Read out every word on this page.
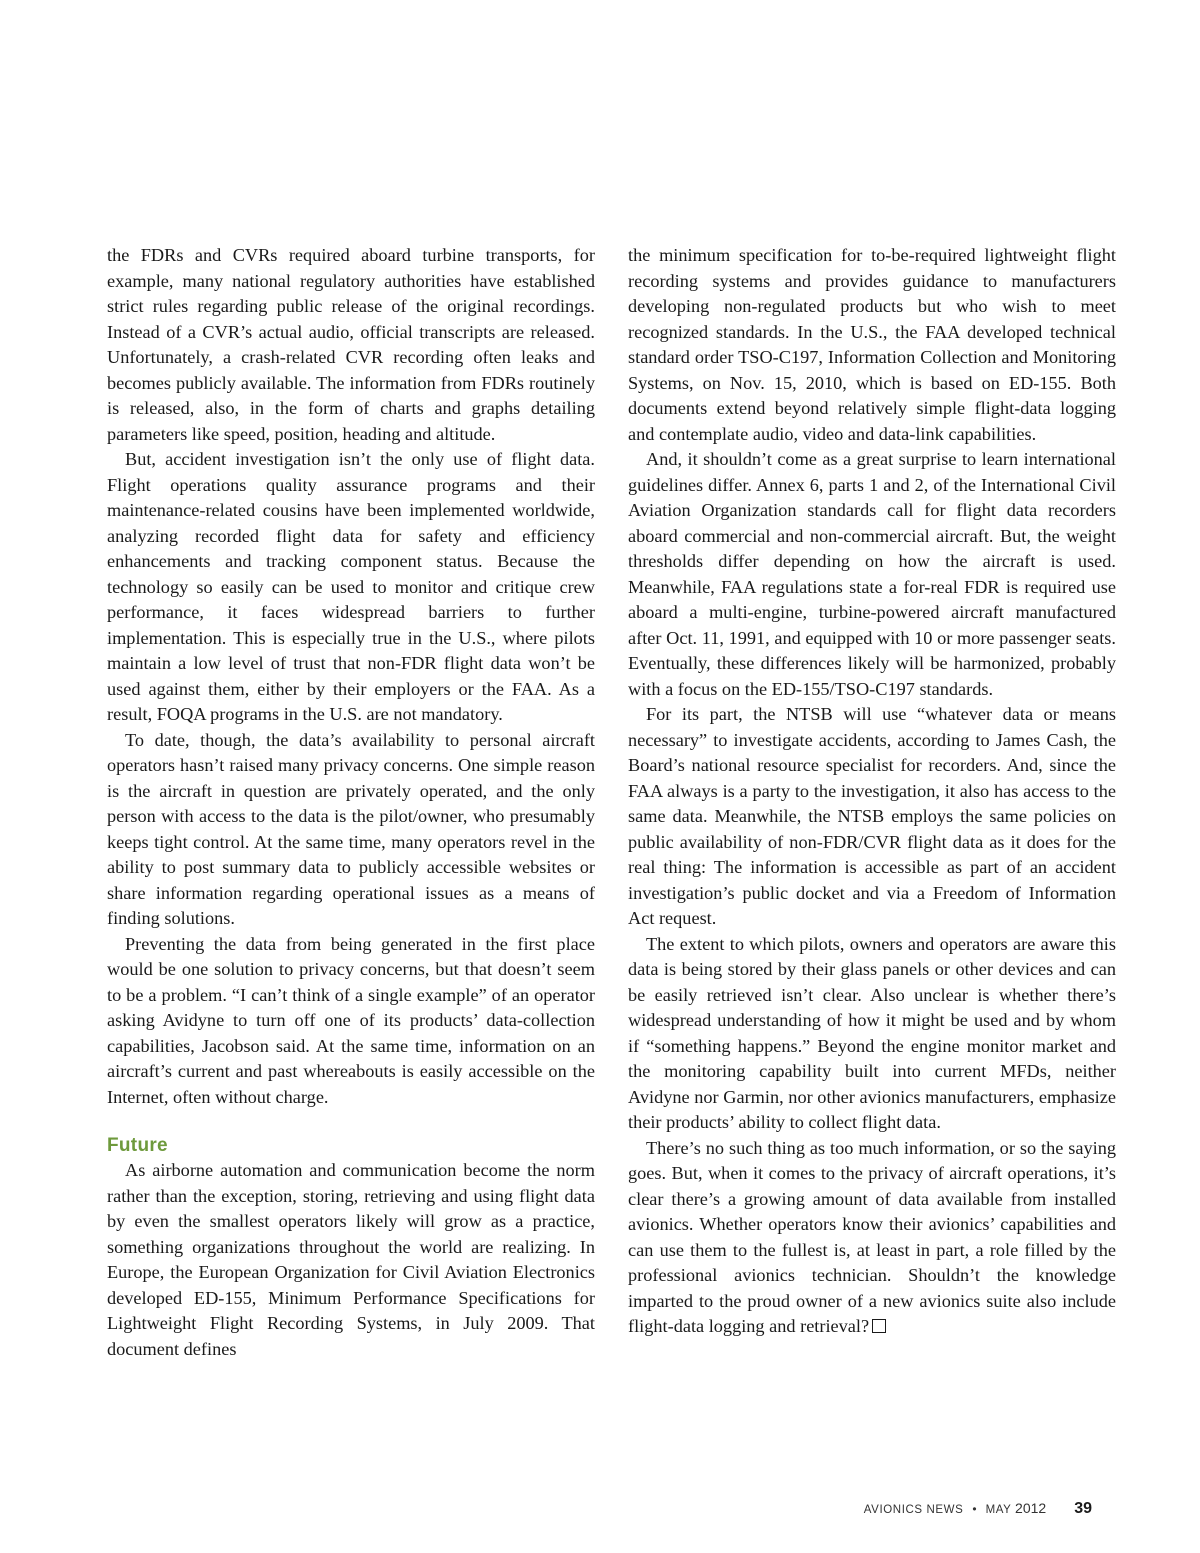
the FDRs and CVRs required aboard turbine transports, for example, many national regulatory authorities have established strict rules regarding public release of the original recordings. Instead of a CVR’s actual audio, official transcripts are released. Unfortunately, a crash-related CVR recording often leaks and becomes publicly available. The information from FDRs routinely is released, also, in the form of charts and graphs detailing parameters like speed, position, heading and altitude.

But, accident investigation isn’t the only use of flight data. Flight operations quality assurance programs and their maintenance-related cousins have been implemented worldwide, analyzing recorded flight data for safety and efficiency enhancements and tracking component status. Because the technology so easily can be used to monitor and critique crew performance, it faces widespread barriers to further implementation. This is especially true in the U.S., where pilots maintain a low level of trust that non-FDR flight data won’t be used against them, either by their employers or the FAA. As a result, FOQA programs in the U.S. are not mandatory.

To date, though, the data’s availability to personal aircraft operators hasn’t raised many privacy concerns. One simple reason is the aircraft in question are privately operated, and the only person with access to the data is the pilot/​owner, who presumably keeps tight control. At the same time, many operators revel in the ability to post summary data to publicly accessible websites or share information regarding operational issues as a means of finding solutions.

Preventing the data from being generated in the first place would be one solution to privacy concerns, but that doesn’t seem to be a problem. “I can’t think of a single example” of an operator asking Avidyne to turn off one of its products’ data-collection capabilities, Jacobson said. At the same time, information on an aircraft’s current and past whereabouts is easily accessible on the Internet, often without charge.

Future

As airborne automation and communication become the norm rather than the exception, storing, retrieving and using flight data by even the smallest operators likely will grow as a practice, something organizations throughout the world are realizing. In Europe, the European Organization for Civil Aviation Electronics developed ED-155, Minimum Performance Specifications for Lightweight Flight Recording Systems, in July 2009. That document defines

the minimum specification for to-be-required lightweight flight recording systems and provides guidance to manufacturers developing non-regulated products but who wish to meet recognized standards. In the U.S., the FAA developed technical standard order TSO-C197, Information Collection and Monitoring Systems, on Nov. 15, 2010, which is based on ED-155. Both documents extend beyond relatively simple flight-data logging and contemplate audio, video and data-link capabilities.

And, it shouldn’t come as a great surprise to learn international guidelines differ. Annex 6, parts 1 and 2, of the International Civil Aviation Organization standards call for flight data recorders aboard commercial and non-commercial aircraft. But, the weight thresholds differ depending on how the aircraft is used. Meanwhile, FAA regulations state a for-real FDR is required use aboard a multi-engine, turbine-powered aircraft manufactured after Oct. 11, 1991, and equipped with 10 or more passenger seats. Eventually, these differences likely will be harmonized, probably with a focus on the ED-155/TSO-C197 standards.

For its part, the NTSB will use “whatever data or means necessary” to investigate accidents, according to James Cash, the Board’s national resource specialist for recorders. And, since the FAA always is a party to the investigation, it also has access to the same data. Meanwhile, the NTSB employs the same policies on public availability of non-FDR/CVR flight data as it does for the real thing: The information is accessible as part of an accident investigation’s public docket and via a Freedom of Information Act request.

The extent to which pilots, owners and operators are aware this data is being stored by their glass panels or other devices and can be easily retrieved isn’t clear. Also unclear is whether there’s widespread understanding of how it might be used and by whom if “something happens.” Beyond the engine monitor market and the monitoring capability built into current MFDs, neither Avidyne nor Garmin, nor other avionics manufacturers, emphasize their products’ ability to collect flight data.

There’s no such thing as too much information, or so the saying goes. But, when it comes to the privacy of aircraft operations, it’s clear there’s a growing amount of data available from installed avionics. Whether operators know their avionics’ capabilities and can use them to the fullest is, at least in part, a role filled by the professional avionics technician. Shouldn’t the knowledge imparted to the proud owner of a new avionics suite also include flight-data logging and retrieval?

AVIONICS NEWS • MAY 2012 39
